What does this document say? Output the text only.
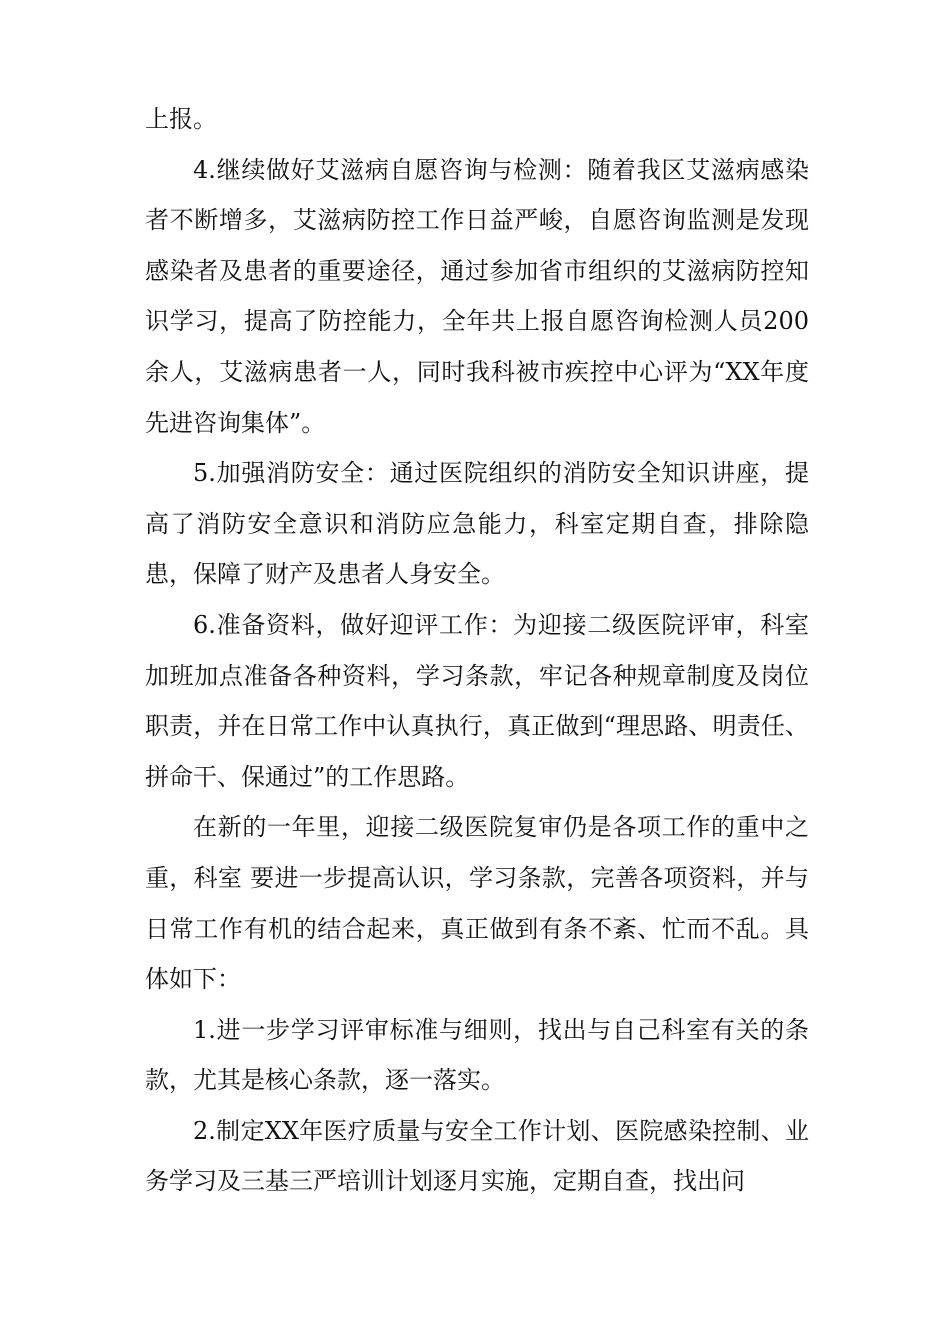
上报。

4.继续做好艾滋病自愿咨询与检测：随着我区艾滋病感染者不断增多，艾滋病防控工作日益严峻，自愿咨询监测是发现感染者及患者的重要途径，通过参加省市组织的艾滋病防控知识学习，提高了防控能力，全年共上报自愿咨询检测人员200余人，艾滋病患者一人，同时我科被市疾控中心评为“XX年度先进咨询集体”。

5.加强消防安全：通过医院组织的消防安全知识讲座，提高了消防安全意识和消防应急能力，科室定期自查，排除隐患，保障了财产及患者人身安全。

6.准备资料，做好迎评工作：为迎接二级医院评审，科室加班加点准备各种资料，学习条款，牢记各种规章制度及岗位职责，并在日常工作中认真执行，真正做到“理思路、明责任、拼命干、保通过”的工作思路。

在新的一年里，迎接二级医院复审仍是各项工作的重中之重，科室 要进一步提高认识，学习条款，完善各项资料，并与日常工作有机的结合起来，真正做到有条不紊、忙而不乱。具体如下：

1.进一步学习评审标准与细则，找出与自己科室有关的条款，尤其是核心条款，逐一落实。

2.制定XX年医疗质量与安全工作计划、医院感染控制、业务学习及三基三严培训计划逐月实施，定期自查，找出问
